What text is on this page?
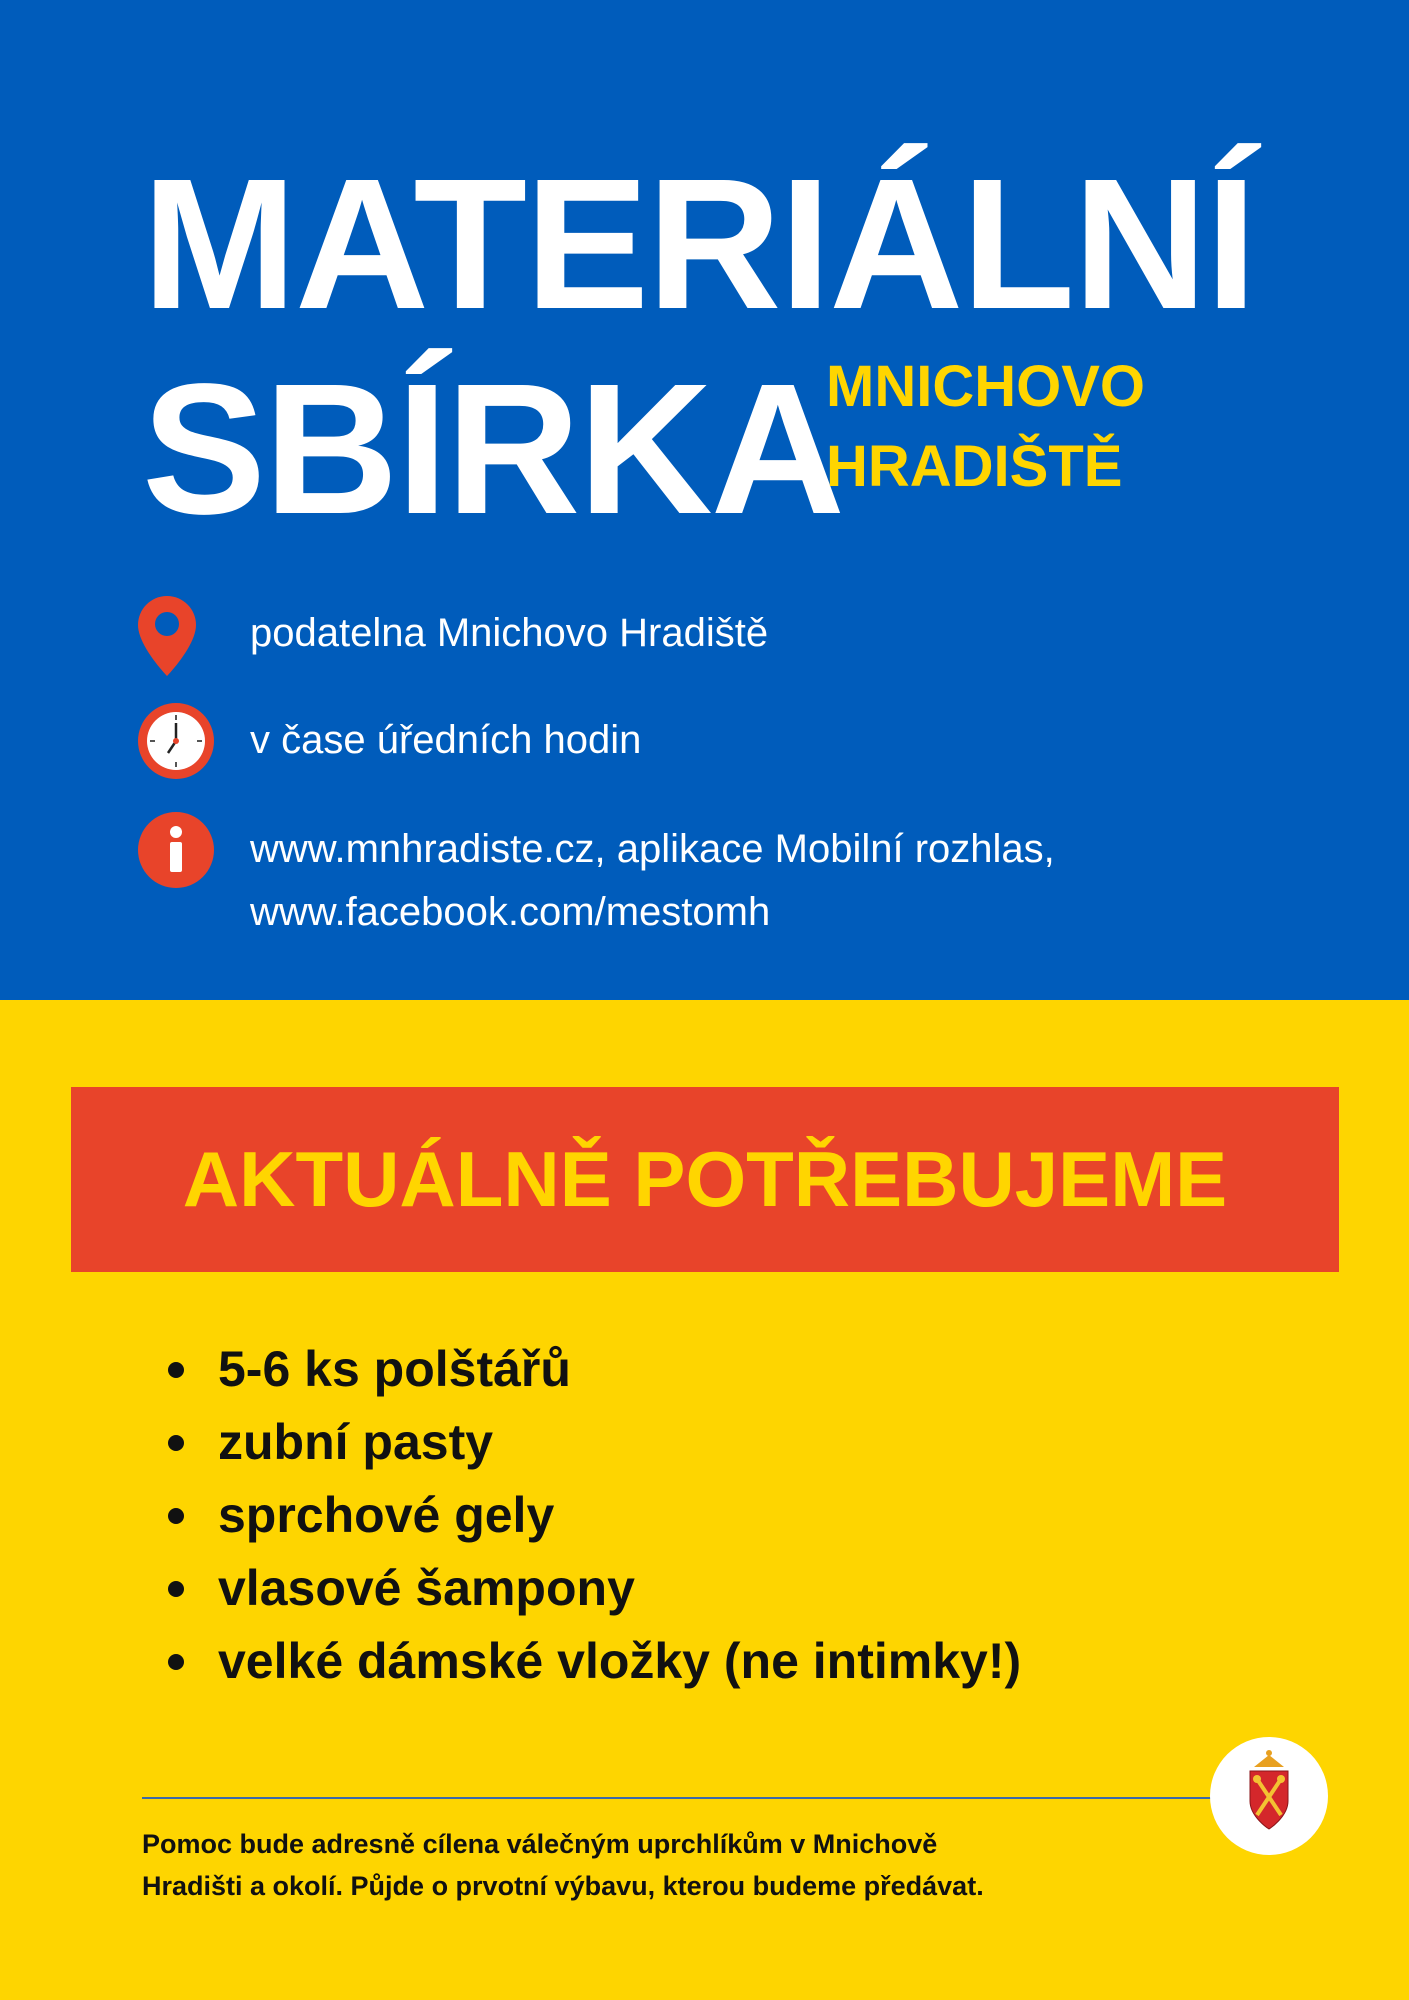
MATERIÁLNÍ
SBÍRKA
MNICHOVO
HRADIŠTĚ
podatelna Mnichovo Hradiště
v čase úředních hodin
www.mnhradiste.cz, aplikace Mobilní rozhlas,
www.facebook.com/mestomh
AKTUÁLNĚ POTŘEBUJEME
5-6 ks polštářů
zubní pasty
sprchové gely
vlasové šampony
velké dámské vložky (ne intimky!)
Pomoc bude adresně cílena válečným uprchlíkům v Mnichově
Hradišti a okolí. Půjde o prvotní výbavu, kterou budeme předávat.
